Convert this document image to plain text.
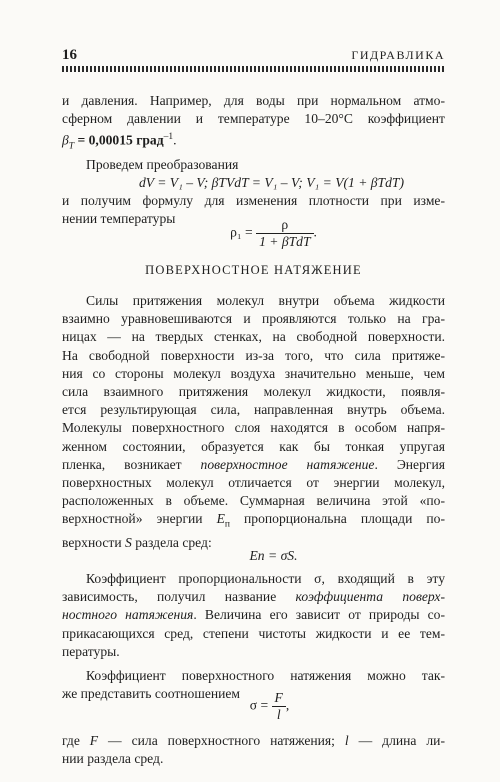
16	ГИДРАВЛИКА
и давления. Например, для воды при нормальном атмо-
сферном давлении и температуре 10–20°C коэффициент
$\beta_T = 0,00015$ град$^{-1}$.
Проведем преобразования
dV = V₁ – V; βTVdT = V₁ – V; V₁ = V(1 + βTdT)
и получим формулу для изменения плотности при изме-
нении температуры
$\rho_1 = \frac{\rho}{\text{1 + βTdT}}$ .
ПОВЕРХНОСТНОЕ НАТЯЖЕНИЕ
Силы притяжения молекул внутри объема жидкости
взаимно уравновешиваются и проявляются только на гра-
ницах — на твердых стенках, на свободной поверхности.
На свободной поверхности из-за того, что сила притяже-
ния со стороны молекул воздуха значительно меньше, чем
сила взаимного притяжения молекул жидкости, появля-
ется результирующая сила, направленная внутрь объема.
Молекулы поверхностного слоя находятся в особом напря-
женном состоянии, образуется как бы тонкая упругая
пленка, возникает поверхностное натяжение. Энергия
поверхностных молекул отличается от энергии молекул,
расположенных в объеме. Суммарная величина этой «по-
верхностной» энергии $E_п$ пропорциональна площади по-
верхности S раздела сред:
Eп = σS.
Коэффициент пропорциональности σ, входящий в эту
зависимость, получил название коэффициента поверх-
ностного натяжения. Величина его зависит от природы со-
прикасающихся сред, степени чистоты жидкости и ее тем-
пературы.
Коэффициент поверхностного натяжения можно так-
же представить соотношением
$\sigma = \frac{F}{l}$ ,
где F — сила поверхностного натяжения; l — длина ли-
нии раздела сред.
